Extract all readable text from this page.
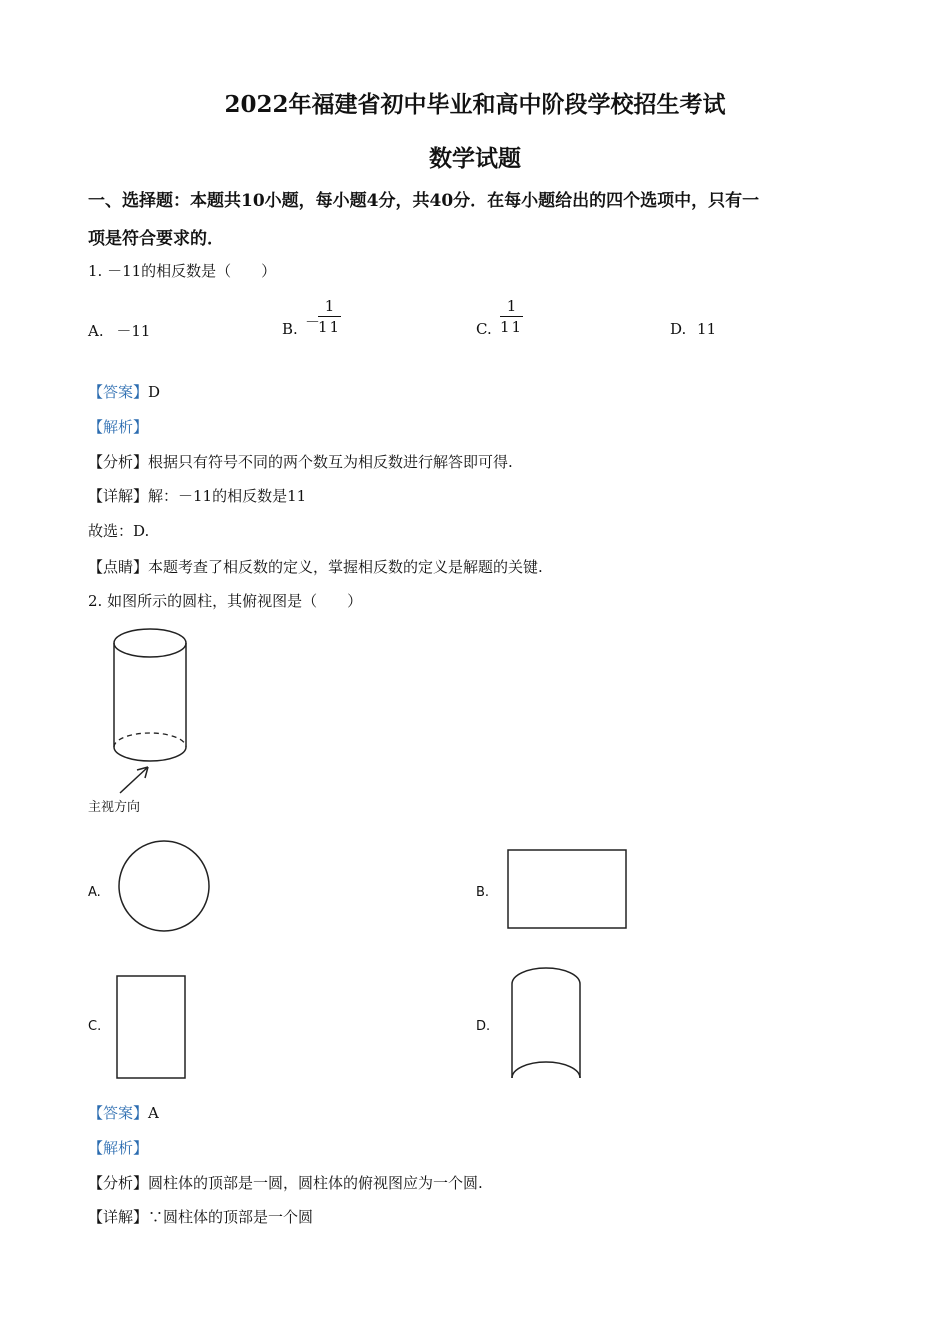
2022年福建省初中毕业和高中阶段学校招生考试
数学试题
一、选择题：本题共10小题，每小题4分，共40分．在每小题给出的四个选项中，只有一
项是符合要求的．
1. －11的相反数是（　　）
A. －11	B. －
$\frac{1}{11}$	C. $\frac{1}{11}$	D. 11
【答案】D
【解析】
【分析】根据只有符号不同的两个数互为相反数进行解答即可得.
【详解】解：－11的相反数是11
故选：D.
【点睛】本题考查了相反数的定义，掌握相反数的定义是解题的关键.
2. 如图所示的圆柱，其俯视图是（　　）
主视方向
A.	B.
C.	D.
【答案】A
【解析】
【分析】圆柱体的顶部是一圆，圆柱体的俯视图应为一个圆.
【详解】∵圆柱体的顶部是一个圆
